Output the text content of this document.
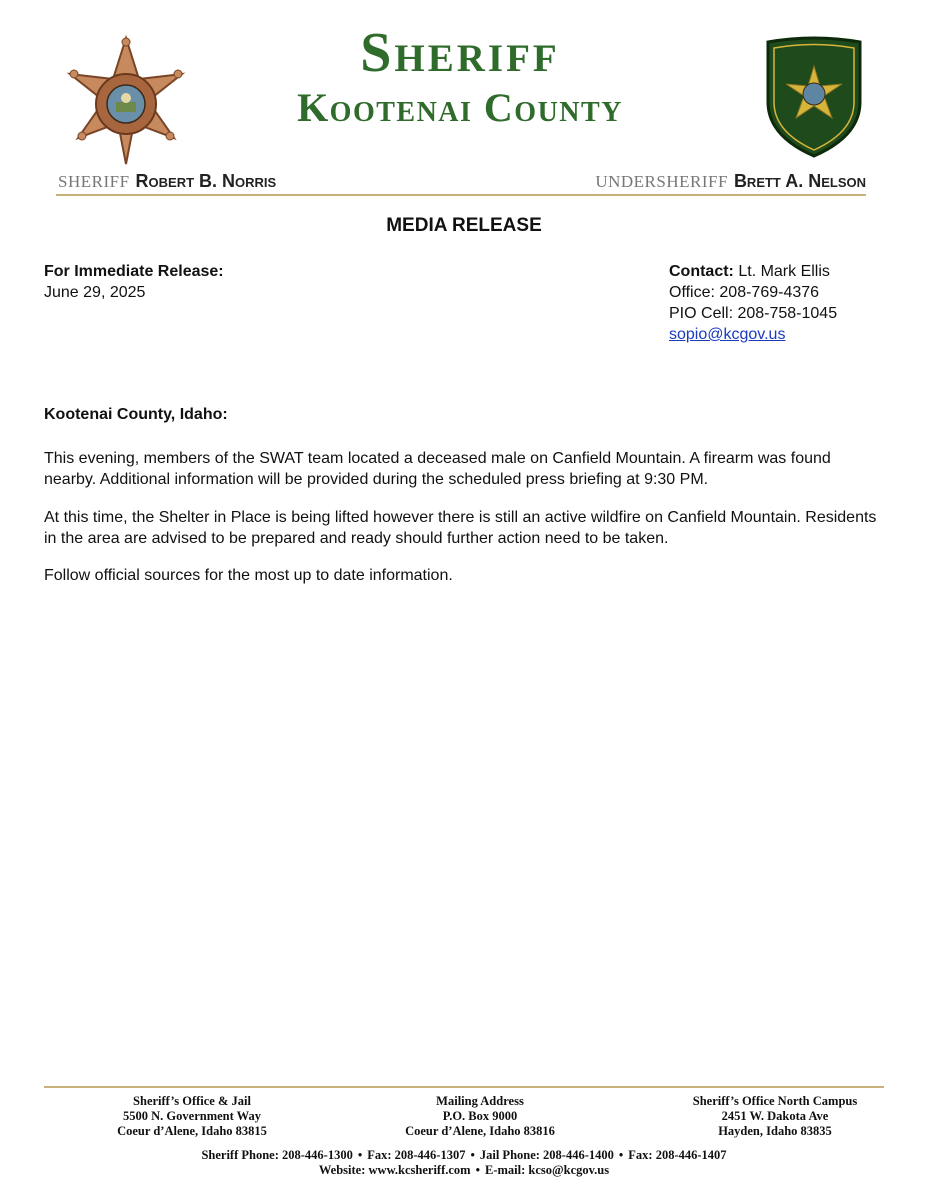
Sheriff
Kootenai County
SHERIFF Robert B. Norris	UNDERSHERIFF Brett A. Nelson
MEDIA RELEASE
For Immediate Release:
June 29, 2025
Contact: Lt. Mark Ellis
Office: 208-769-4376
PIO Cell: 208-758-1045
sopio@kcgov.us
Kootenai County, Idaho:
This evening, members of the SWAT team located a deceased male on Canfield Mountain. A firearm was found nearby. Additional information will be provided during the scheduled press briefing at 9:30 PM.
At this time, the Shelter in Place is being lifted however there is still an active wildfire on Canfield Mountain. Residents in the area are advised to be prepared and ready should further action need to be taken.
Follow official sources for the most up to date information.
Sheriff’s Office & Jail
5500 N. Government Way
Coeur d’Alene, Idaho 83815
Mailing Address
P.O. Box 9000
Coeur d’Alene, Idaho 83816
Sheriff’s Office North Campus
2451 W. Dakota Ave
Hayden, Idaho 83835
Sheriff Phone: 208-446-1300 • Fax: 208-446-1307 • Jail Phone: 208-446-1400 • Fax: 208-446-1407
Website: www.kcsheriff.com • E-mail: kcso@kcgov.us
